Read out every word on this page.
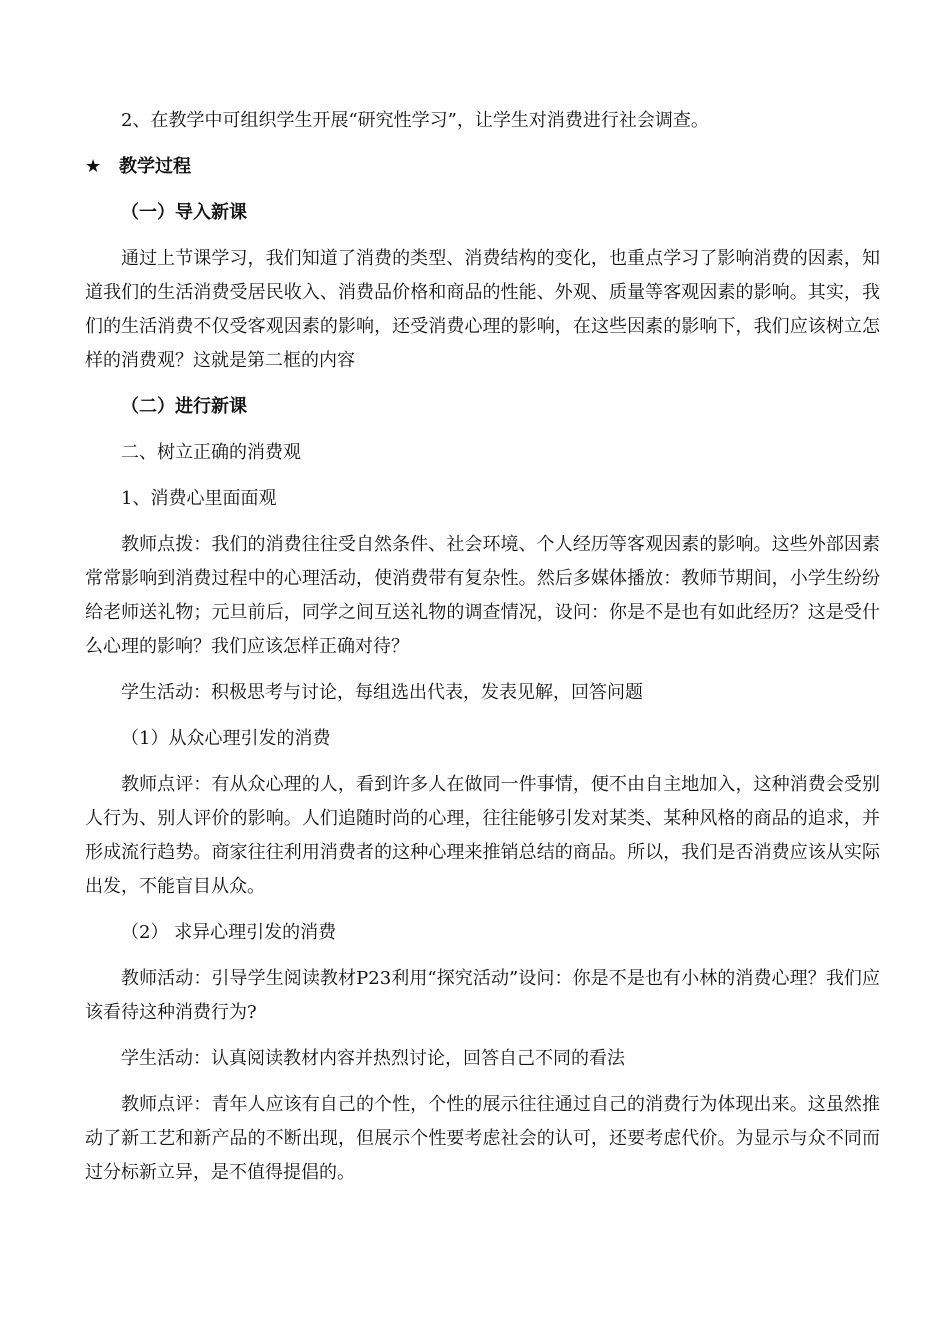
2、在教学中可组织学生开展“研究性学习”，让学生对消费进行社会调查。

★ 教学过程

（一）导入新课

通过上节课学习，我们知道了消费的类型、消费结构的变化，也重点学习了影响消费的因素，知道我们的生活消费受居民收入、消费品价格和商品的性能、外观、质量等客观因素的影响。其实，我们的生活消费不仅受客观因素的影响，还受消费心理的影响，在这些因素的影响下，我们应该树立怎样的消费观？这就是第二框的内容

（二）进行新课

二、树立正确的消费观

1、消费心里面面观

教师点拨：我们的消费往往受自然条件、社会环境、个人经历等客观因素的影响。这些外部因素常常影响到消费过程中的心理活动，使消费带有复杂性。然后多媒体播放：教师节期间，小学生纷纷给老师送礼物；元旦前后，同学之间互送礼物的调查情况，设问：你是不是也有如此经历？这是受什么心理的影响？我们应该怎样正确对待？

学生活动：积极思考与讨论，每组选出代表，发表见解，回答问题

（1）从众心理引发的消费

教师点评：有从众心理的人，看到许多人在做同一件事情，便不由自主地加入，这种消费会受别人行为、别人评价的影响。人们追随时尚的心理，往往能够引发对某类、某种风格的商品的追求，并形成流行趋势。商家往往利用消费者的这种心理来推销总结的商品。所以，我们是否消费应该从实际出发，不能盲目从众。

（2） 求异心理引发的消费

教师活动：引导学生阅读教材P23利用“探究活动”设问：你是不是也有小林的消费心理？我们应该看待这种消费行为?

学生活动：认真阅读教材内容并热烈讨论，回答自己不同的看法

教师点评：青年人应该有自己的个性，个性的展示往往通过自己的消费行为体现出来。这虽然推动了新工艺和新产品的不断出现，但展示个性要考虑社会的认可，还要考虑代价。为显示与众不同而过分标新立异，是不值得提倡的。
